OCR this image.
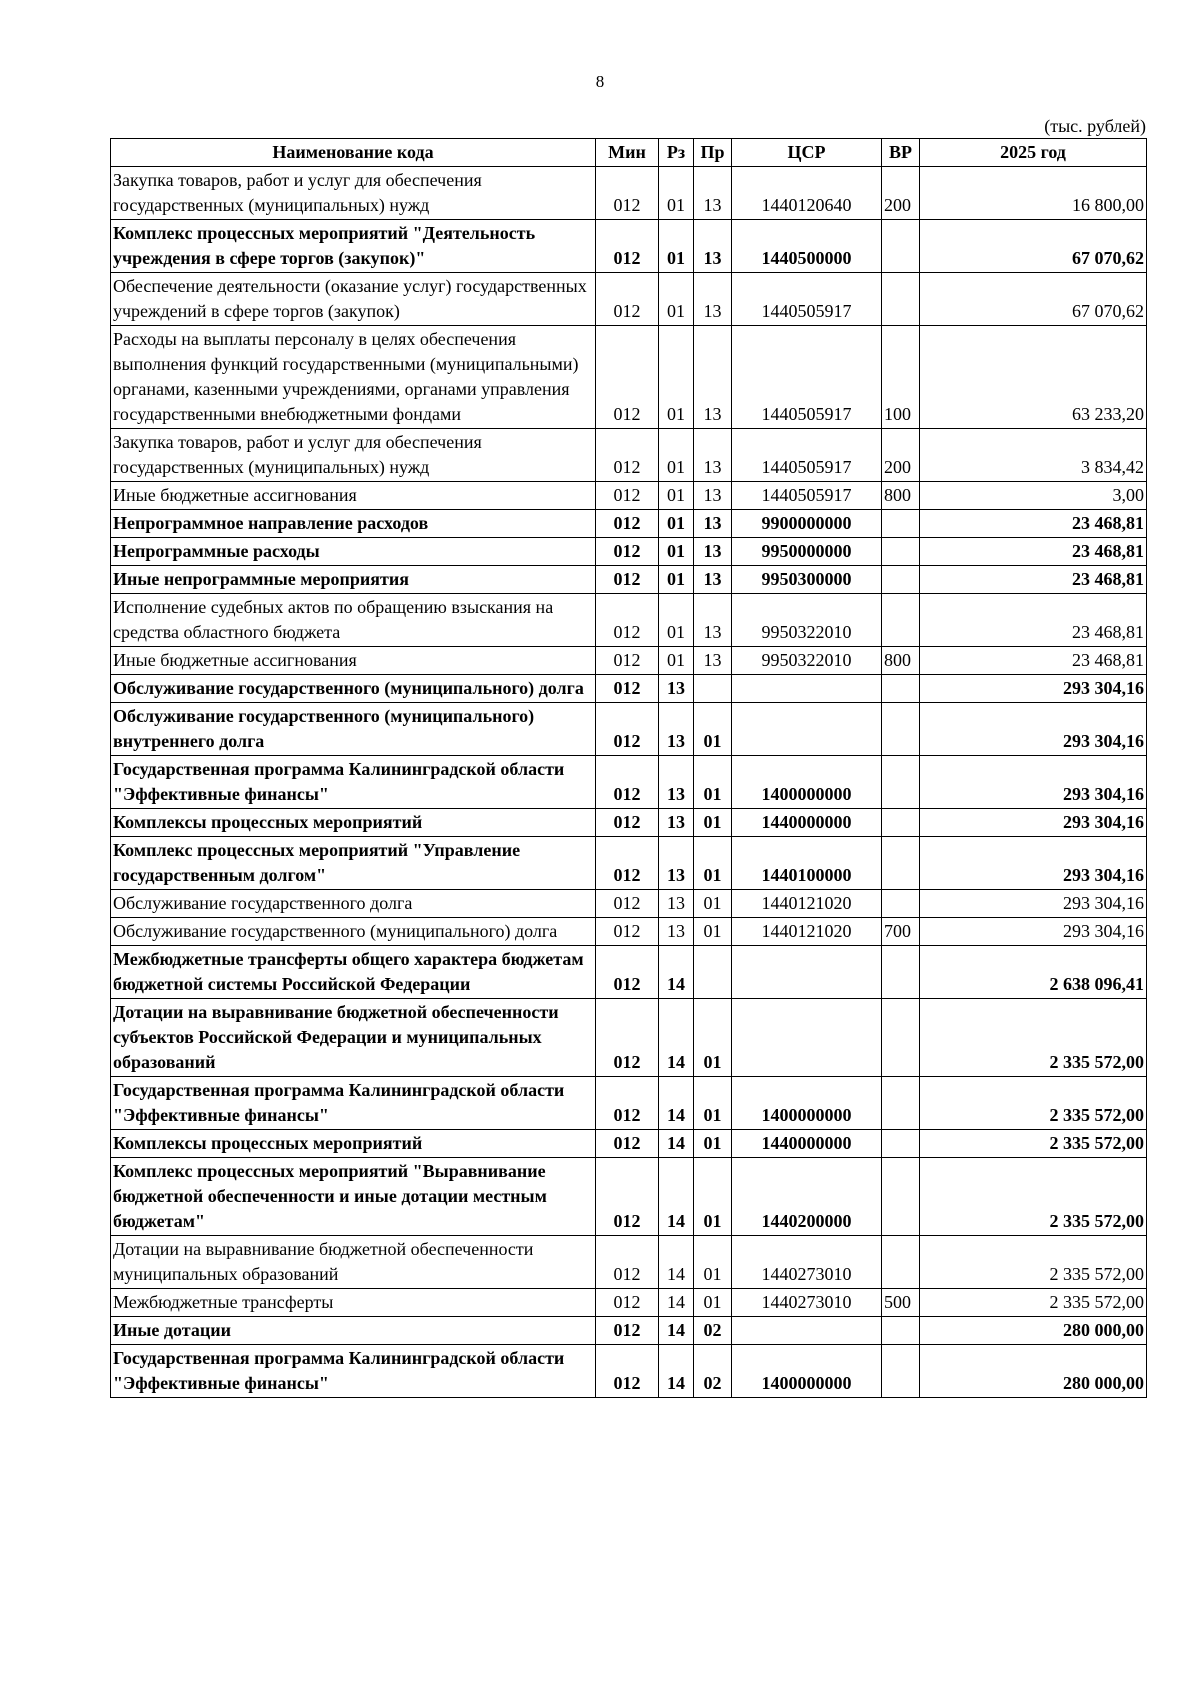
8
(тыс. рублей)
Наименование кода	Мин	Рз	Пр	ЦСР	ВР	2025 год
Закупка товаров, работ и услуг для обеспечения государственных (муниципальных) нужд	012	01	13	1440120640	200	16 800,00
Комплекс процессных мероприятий "Деятельность учреждения в сфере торгов (закупок)"	012	01	13	1440500000		67 070,62
Обеспечение деятельности (оказание услуг) государственных учреждений в сфере торгов (закупок)	012	01	13	1440505917		67 070,62
Расходы на выплаты персоналу в целях обеспечения выполнения функций государственными (муниципальными) органами, казенными учреждениями, органами управления государственными внебюджетными фондами	012	01	13	1440505917	100	63 233,20
Закупка товаров, работ и услуг для обеспечения государственных (муниципальных) нужд	012	01	13	1440505917	200	3 834,42
Иные бюджетные ассигнования	012	01	13	1440505917	800	3,00
Непрограммное направление расходов	012	01	13	9900000000		23 468,81
Непрограммные расходы	012	01	13	9950000000		23 468,81
Иные непрограммные мероприятия	012	01	13	9950300000		23 468,81
Исполнение судебных актов по обращению взыскания на средства областного бюджета	012	01	13	9950322010		23 468,81
Иные бюджетные ассигнования	012	01	13	9950322010	800	23 468,81
Обслуживание государственного (муниципального) долга	012	13				293 304,16
Обслуживание государственного (муниципального) внутреннего долга	012	13	01			293 304,16
Государственная программа Калининградской области "Эффективные финансы"	012	13	01	1400000000		293 304,16
Комплексы процессных мероприятий	012	13	01	1440000000		293 304,16
Комплекс процессных мероприятий "Управление государственным долгом"	012	13	01	1440100000		293 304,16
Обслуживание государственного долга	012	13	01	1440121020		293 304,16
Обслуживание государственного (муниципального) долга	012	13	01	1440121020	700	293 304,16
Межбюджетные трансферты общего характера бюджетам бюджетной системы Российской Федерации	012	14				2 638 096,41
Дотации на выравнивание бюджетной обеспеченности субъектов Российской Федерации и муниципальных образований	012	14	01			2 335 572,00
Государственная программа Калининградской области "Эффективные финансы"	012	14	01	1400000000		2 335 572,00
Комплексы процессных мероприятий	012	14	01	1440000000		2 335 572,00
Комплекс процессных мероприятий "Выравнивание бюджетной обеспеченности и иные дотации местным бюджетам"	012	14	01	1440200000		2 335 572,00
Дотации на выравнивание бюджетной обеспеченности муниципальных образований	012	14	01	1440273010		2 335 572,00
Межбюджетные трансферты	012	14	01	1440273010	500	2 335 572,00
Иные дотации	012	14	02			280 000,00
Государственная программа Калининградской области "Эффективные финансы"	012	14	02	1400000000		280 000,00
